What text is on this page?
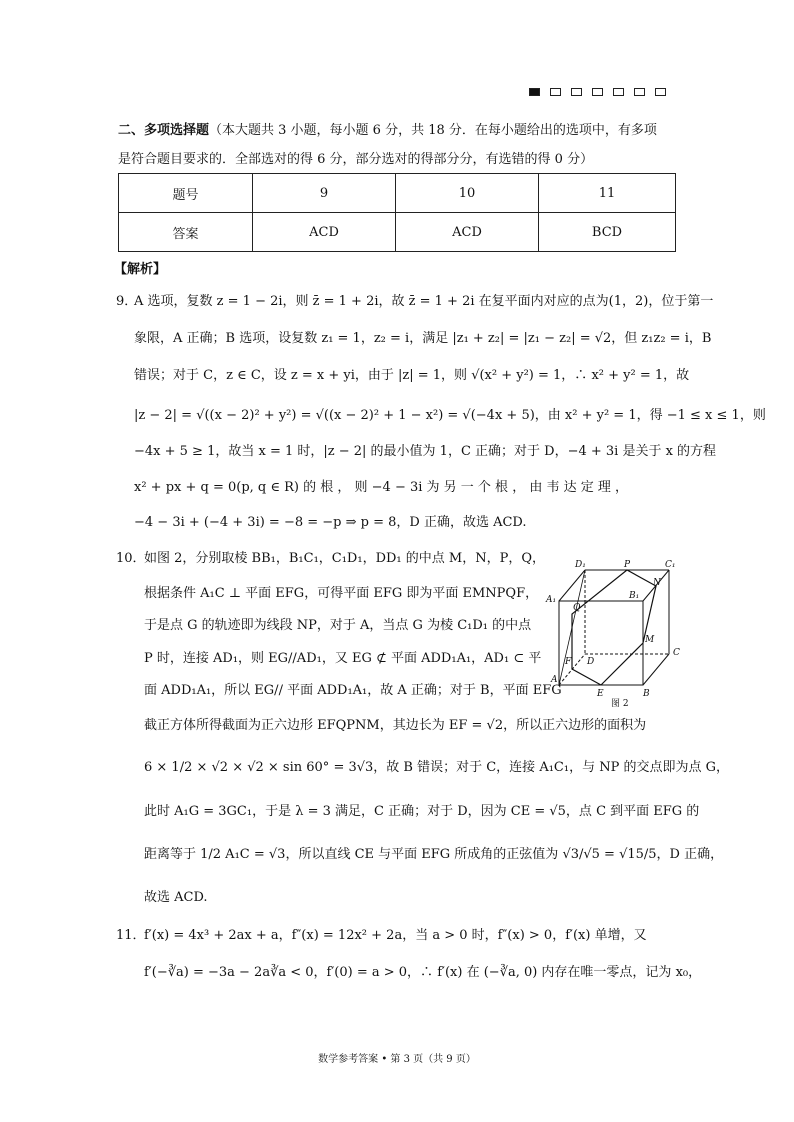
二、多项选择题（本大题共 3 小题，每小题 6 分，共 18 分．在每小题给出的选项中，有多项
是符合题目要求的．全部选对的得 6 分，部分选对的得部分分，有选错的得 0 分）
题号	9	10	11
答案	ACD	ACD	BCD
【解析】
9．
A 选项，复数 z = 1 − 2i，则 z̄ = 1 + 2i，故 z̄ = 1 + 2i 在复平面内对应的点为(1，2)，位于第一
象限，A 正确；B 选项，设复数 z₁ = 1，z₂ = i，满足 |z₁ + z₂| = |z₁ − z₂| = √2，但 z₁z₂ = i，B
错误；对于 C，z ∈ C，设 z = x + yi，由于 |z| = 1，则 √(x² + y²) = 1，∴ x² + y² = 1，故
|z − 2| = √((x − 2)² + y²) = √((x − 2)² + 1 − x²) = √(−4x + 5)，由 x² + y² = 1，得 −1 ≤ x ≤ 1，则
−4x + 5 ≥ 1，故当 x = 1 时，|z − 2| 的最小值为 1，C 正确；对于 D，−4 + 3i 是关于 x 的方程
x² + px + q = 0(p, q ∈ R) 的 根 ， 则 −4 − 3i 为 另 一 个 根 ， 由 韦 达 定 理 ，
−4 − 3i + (−4 + 3i) = −8 = −p ⇒ p = 8，D 正确，故选 ACD.
10．
如图 2，分别取棱 BB₁，B₁C₁，C₁D₁，DD₁ 的中点 M，N，P，Q，
根据条件 A₁C ⊥ 平面 EFG，可得平面 EFG 即为平面 EMNPQF，
于是点 G 的轨迹即为线段 NP，对于 A，当点 G 为棱 C₁D₁ 的中点
P 时，连接 AD₁，则 EG//AD₁，又 EG ⊄ 平面 ADD₁A₁，AD₁ ⊂ 平
面 ADD₁A₁，所以 EG// 平面 ADD₁A₁，故 A 正确；对于 B，平面 EFG
截正方体所得截面为正六边形 EFQPNM，其边长为 EF = √2，所以正六边形的面积为
6 × 1/2 × √2 × √2 × sin 60° = 3√3，故 B 错误；对于 C，连接 A₁C₁，与 NP 的交点即为点 G，
此时 A₁G = 3GC₁，于是 λ = 3 满足，C 正确；对于 D，因为 CE = √5，点 C 到平面 EFG 的
距离等于 1/2 A₁C = √3，所以直线 CE 与平面 EFG 所成角的正弦值为 √3/√5 = √15/5，D 正确，
故选 ACD.
D₁	P	C₁
A₁	B₁
N
Q
M
C
F D
A
E	B
图 2
11．
f′(x) = 4x³ + 2ax + a，f″(x) = 12x² + 2a，当 a > 0 时，f″(x) > 0，f′(x) 单增，又
f′(−∛a) = −3a − 2a∛a < 0，f′(0) = a > 0，∴ f′(x) 在 (−∛a, 0) 内存在唯一零点，记为 x₀，
数学参考答案 • 第 3 页（共 9 页）
